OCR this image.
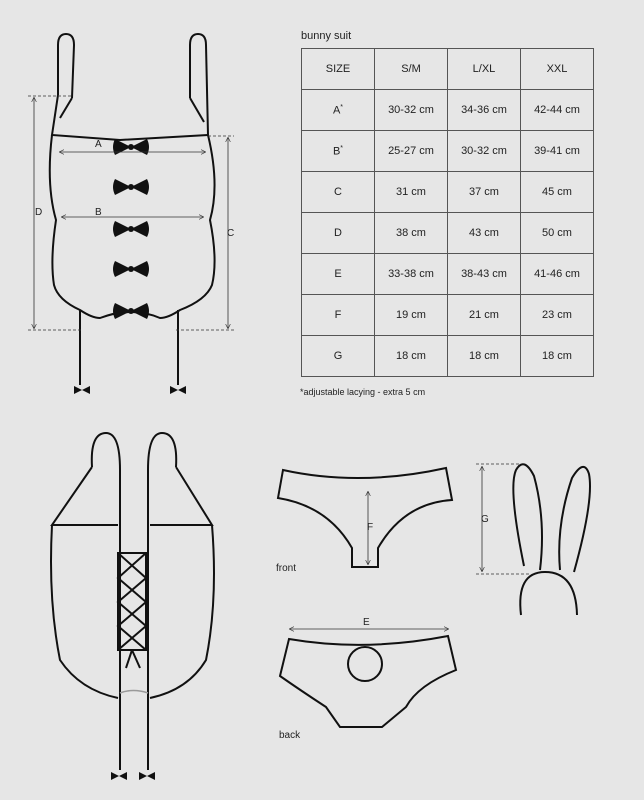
A
B
C
D
E
F
G
front
back
bunny suit
SIZE	S/M	L/XL	XXL
A*	30-32 cm	34-36 cm	42-44 cm
B*	25-27 cm	30-32 cm	39-41 cm
C	31 cm	37 cm	45 cm
D	38 cm	43 cm	50 cm
E	33-38 cm	38-43 cm	41-46 cm
F	19 cm	21 cm	23 cm
G	18 cm	18 cm	18 cm
*adjustable lacying - extra 5 cm
